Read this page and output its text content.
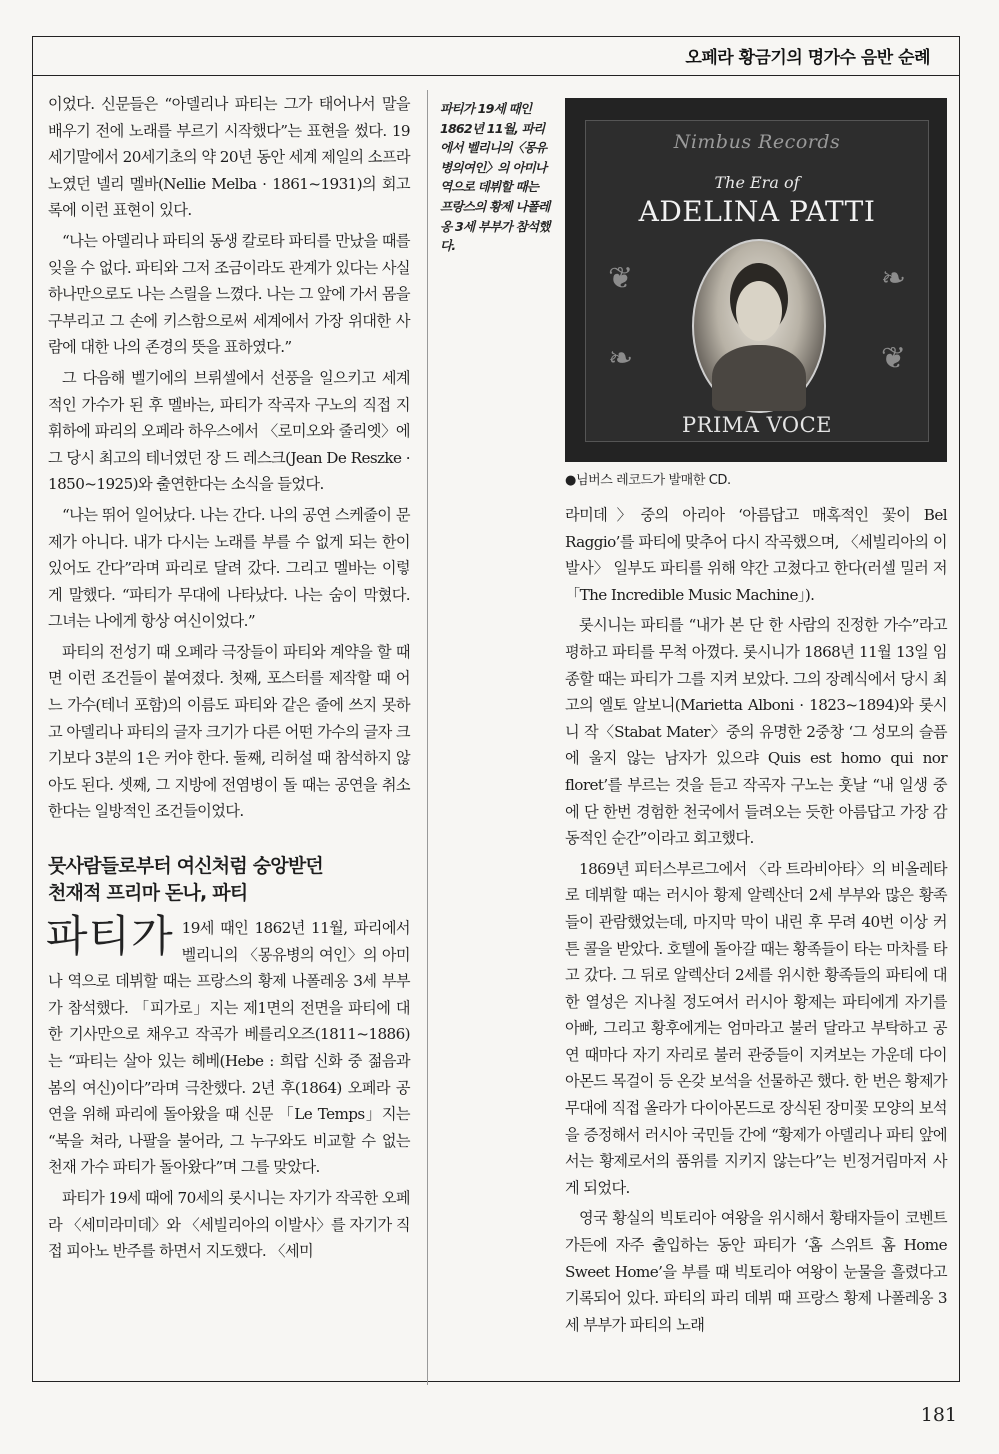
오페라 황금기의 명가수 음반 순례

이었다. 신문들은 “아델리나 파티는 그가 태어나서 말을 배우기 전에 노래를 부르기 시작했다”는 표현을 썼다. 19세기말에서 20세기초의 약 20년 동안 세계 제일의 소프라노였던 넬리 멜바(Nellie Melba · 1861~1931)의 회고록에 이런 표현이 있다.

“나는 아델리나 파티의 동생 칼로타 파티를 만났을 때를 잊을 수 없다. 파티와 그저 조금이라도 관계가 있다는 사실 하나만으로도 나는 스릴을 느꼈다. 나는 그 앞에 가서 몸을 구부리고 그 손에 키스함으로써 세계에서 가장 위대한 사람에 대한 나의 존경의 뜻을 표하였다.”

그 다음해 벨기에의 브뤼셀에서 선풍을 일으키고 세계적인 가수가 된 후 멜바는, 파티가 작곡자 구노의 직접 지휘하에 파리의 오페라 하우스에서 〈로미오와 줄리엣〉에 그 당시 최고의 테너였던 장 드 레스크(Jean De Reszke · 1850~1925)와 출연한다는 소식을 들었다.

“나는 뛰어 일어났다. 나는 간다. 나의 공연 스케줄이 문제가 아니다. 내가 다시는 노래를 부를 수 없게 되는 한이 있어도 간다”라며 파리로 달려 갔다. 그리고 멜바는 이렇게 말했다. “파티가 무대에 나타났다. 나는 숨이 막혔다. 그녀는 나에게 항상 여신이었다.”

파티의 전성기 때 오페라 극장들이 파티와 계약을 할 때면 이런 조건들이 붙여졌다. 첫째, 포스터를 제작할 때 어느 가수(테너 포함)의 이름도 파티와 같은 줄에 쓰지 못하고 아델리나 파티의 글자 크기가 다른 어떤 가수의 글자 크기보다 3분의 1은 커야 한다. 둘째, 리허설 때 참석하지 않아도 된다. 셋째, 그 지방에 전염병이 돌 때는 공연을 취소한다는 일방적인 조건들이었다.

뭇사람들로부터 여신처럼 숭앙받던
천재적 프리마 돈나, 파티

파티가 19세 때인 1862년 11월, 파리에서 벨리니의 〈몽유병의 여인〉의 아미 나 역으로 데뷔할 때는 프랑스의 황제 나폴레옹 3세 부부가 참석했다. 「피가로」지는 제1면의 전면을 파티에 대한 기사만으로 채우고 작곡가 베를리오즈(1811~1886)는 “파티는 살아 있는 헤베(Hebe : 희랍 신화 중 젊음과 봄의 여신)이다”라며 극찬했다. 2년 후(1864) 오페라 공연을 위해 파리에 돌아왔을 때 신문 「Le Temps」지는 “북을 쳐라, 나팔을 불어라, 그 누구와도 비교할 수 없는 천재 가수 파티가 돌아왔다”며 그를 맞았다.

파티가 19세 때에 70세의 롯시니는 자기가 작곡한 오페라 〈세미라미데〉와 〈세빌리아의 이발사〉를 자기가 직접 피아노 반주를 하면서 지도했다. 〈세미

파티가 19세 때인 1862년 11월, 파리에서 벨리니의〈몽유병의여인〉의 아미나 역으로 데뷔할 때는 프랑스의 황제 나폴레옹 3세 부부가 참석했다.
Nimbus Records
The Era of
ADELINA PATTI
❦	❧
❧	❦
PRIMA VOCE
●님버스 레코드가 발매한 CD.

라미데〉중의 아리아 ‘아름답고 매혹적인 꽃이 Bel Raggio’를 파티에 맞추어 다시 작곡했으며, 〈세빌리아의 이발사〉 일부도 파티를 위해 약간 고쳤다고 한다(러셀 밀러 저 「The Incredible Music Machine」).

롯시니는 파티를 “내가 본 단 한 사람의 진정한 가수”라고 평하고 파티를 무척 아꼈다. 롯시니가 1868년 11월 13일 임종할 때는 파티가 그를 지켜 보았다. 그의 장례식에서 당시 최고의 엘토 알보니(Marietta Alboni · 1823~1894)와 롯시니 작〈Stabat Mater〉중의 유명한 2중창 ‘그 성모의 슬픔에 울지 않는 남자가 있으랴 Quis est homo qui nor floret’를 부르는 것을 듣고 작곡자 구노는 훗날 “내 일생 중에 단 한번 경험한 천국에서 들려오는 듯한 아름답고 가장 감동적인 순간”이라고 회고했다.

1869년 피터스부르그에서 〈라 트라비아타〉의 비올레타로 데뷔할 때는 러시아 황제 알렉산더 2세 부부와 많은 황족들이 관람했었는데, 마지막 막이 내린 후 무려 40번 이상 커튼 콜을 받았다. 호텔에 돌아갈 때는 황족들이 타는 마차를 타고 갔다. 그 뒤로 알렉산더 2세를 위시한 황족들의 파티에 대한 열성은 지나칠 정도여서 러시아 황제는 파티에게 자기를 아빠, 그리고 황후에게는 엄마라고 불러 달라고 부탁하고 공연 때마다 자기 자리로 불러 관중들이 지켜보는 가운데 다이아몬드 목걸이 등 온갖 보석을 선물하곤 했다. 한 번은 황제가 무대에 직접 올라가 다이아몬드로 장식된 장미꽃 모양의 보석을 증정해서 러시아 국민들 간에 “황제가 아델리나 파티 앞에서는 황제로서의 품위를 지키지 않는다”는 빈정거림마저 사게 되었다.

영국 황실의 빅토리아 여왕을 위시해서 황태자들이 코벤트 가든에 자주 출입하는 동안 파티가 ‘홈 스위트 홈 Home Sweet Home’을 부를 때 빅토리아 여왕이 눈물을 흘렸다고 기록되어 있다. 파티의 파리 데뷔 때 프랑스 황제 나폴레옹 3세 부부가 파티의 노래

181
